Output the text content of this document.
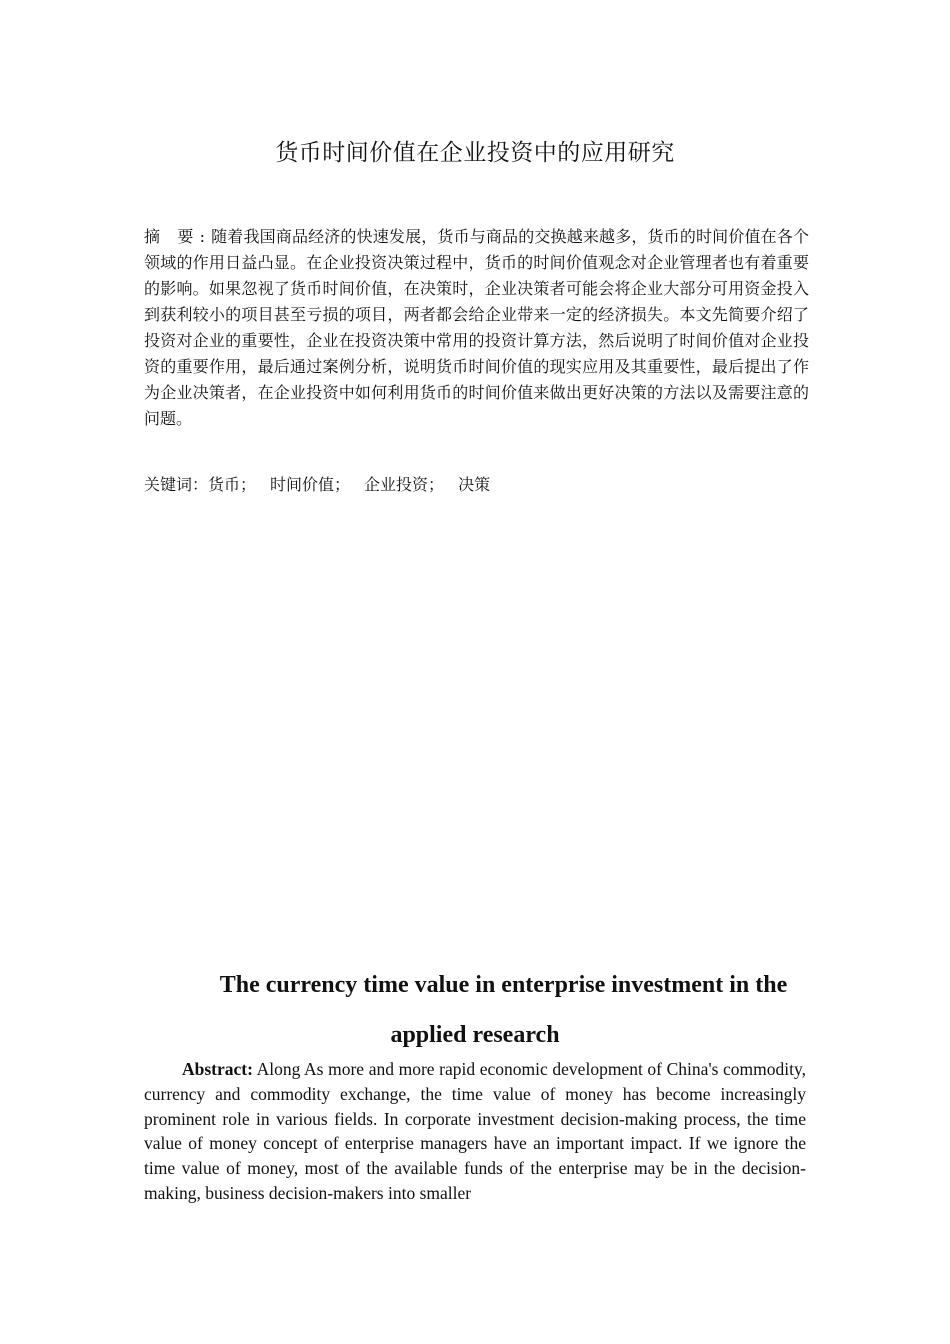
货币时间价值在企业投资中的应用研究
摘 要:随着我国商品经济的快速发展，货币与商品的交换越来越多，货币的时间价值在各个领域的作用日益凸显。在企业投资决策过程中，货币的时间价值观念对企业管理者也有着重要的影响。如果忽视了货币时间价值，在决策时，企业决策者可能会将企业大部分可用资金投入到获利较小的项目甚至亏损的项目，两者都会给企业带来一定的经济损失。本文先简要介绍了投资对企业的重要性，企业在投资决策中常用的投资计算方法，然后说明了时间价值对企业投资的重要作用，最后通过案例分析，说明货币时间价值的现实应用及其重要性，最后提出了作为企业决策者，在企业投资中如何利用货币的时间价值来做出更好决策的方法以及需要注意的问题。
关键词：货币； 时间价值； 企业投资； 决策
The currency time value in enterprise investment in the
applied research
Abstract: Along As more and more rapid economic development of China's commodity, currency and commodity exchange, the time value of money has become increasingly prominent role in various fields. In corporate investment decision-making process, the time value of money concept of enterprise managers have an important impact. If we ignore the time value of money, most of the available funds of the enterprise may be in the decision-making, business decision-makers into smaller
